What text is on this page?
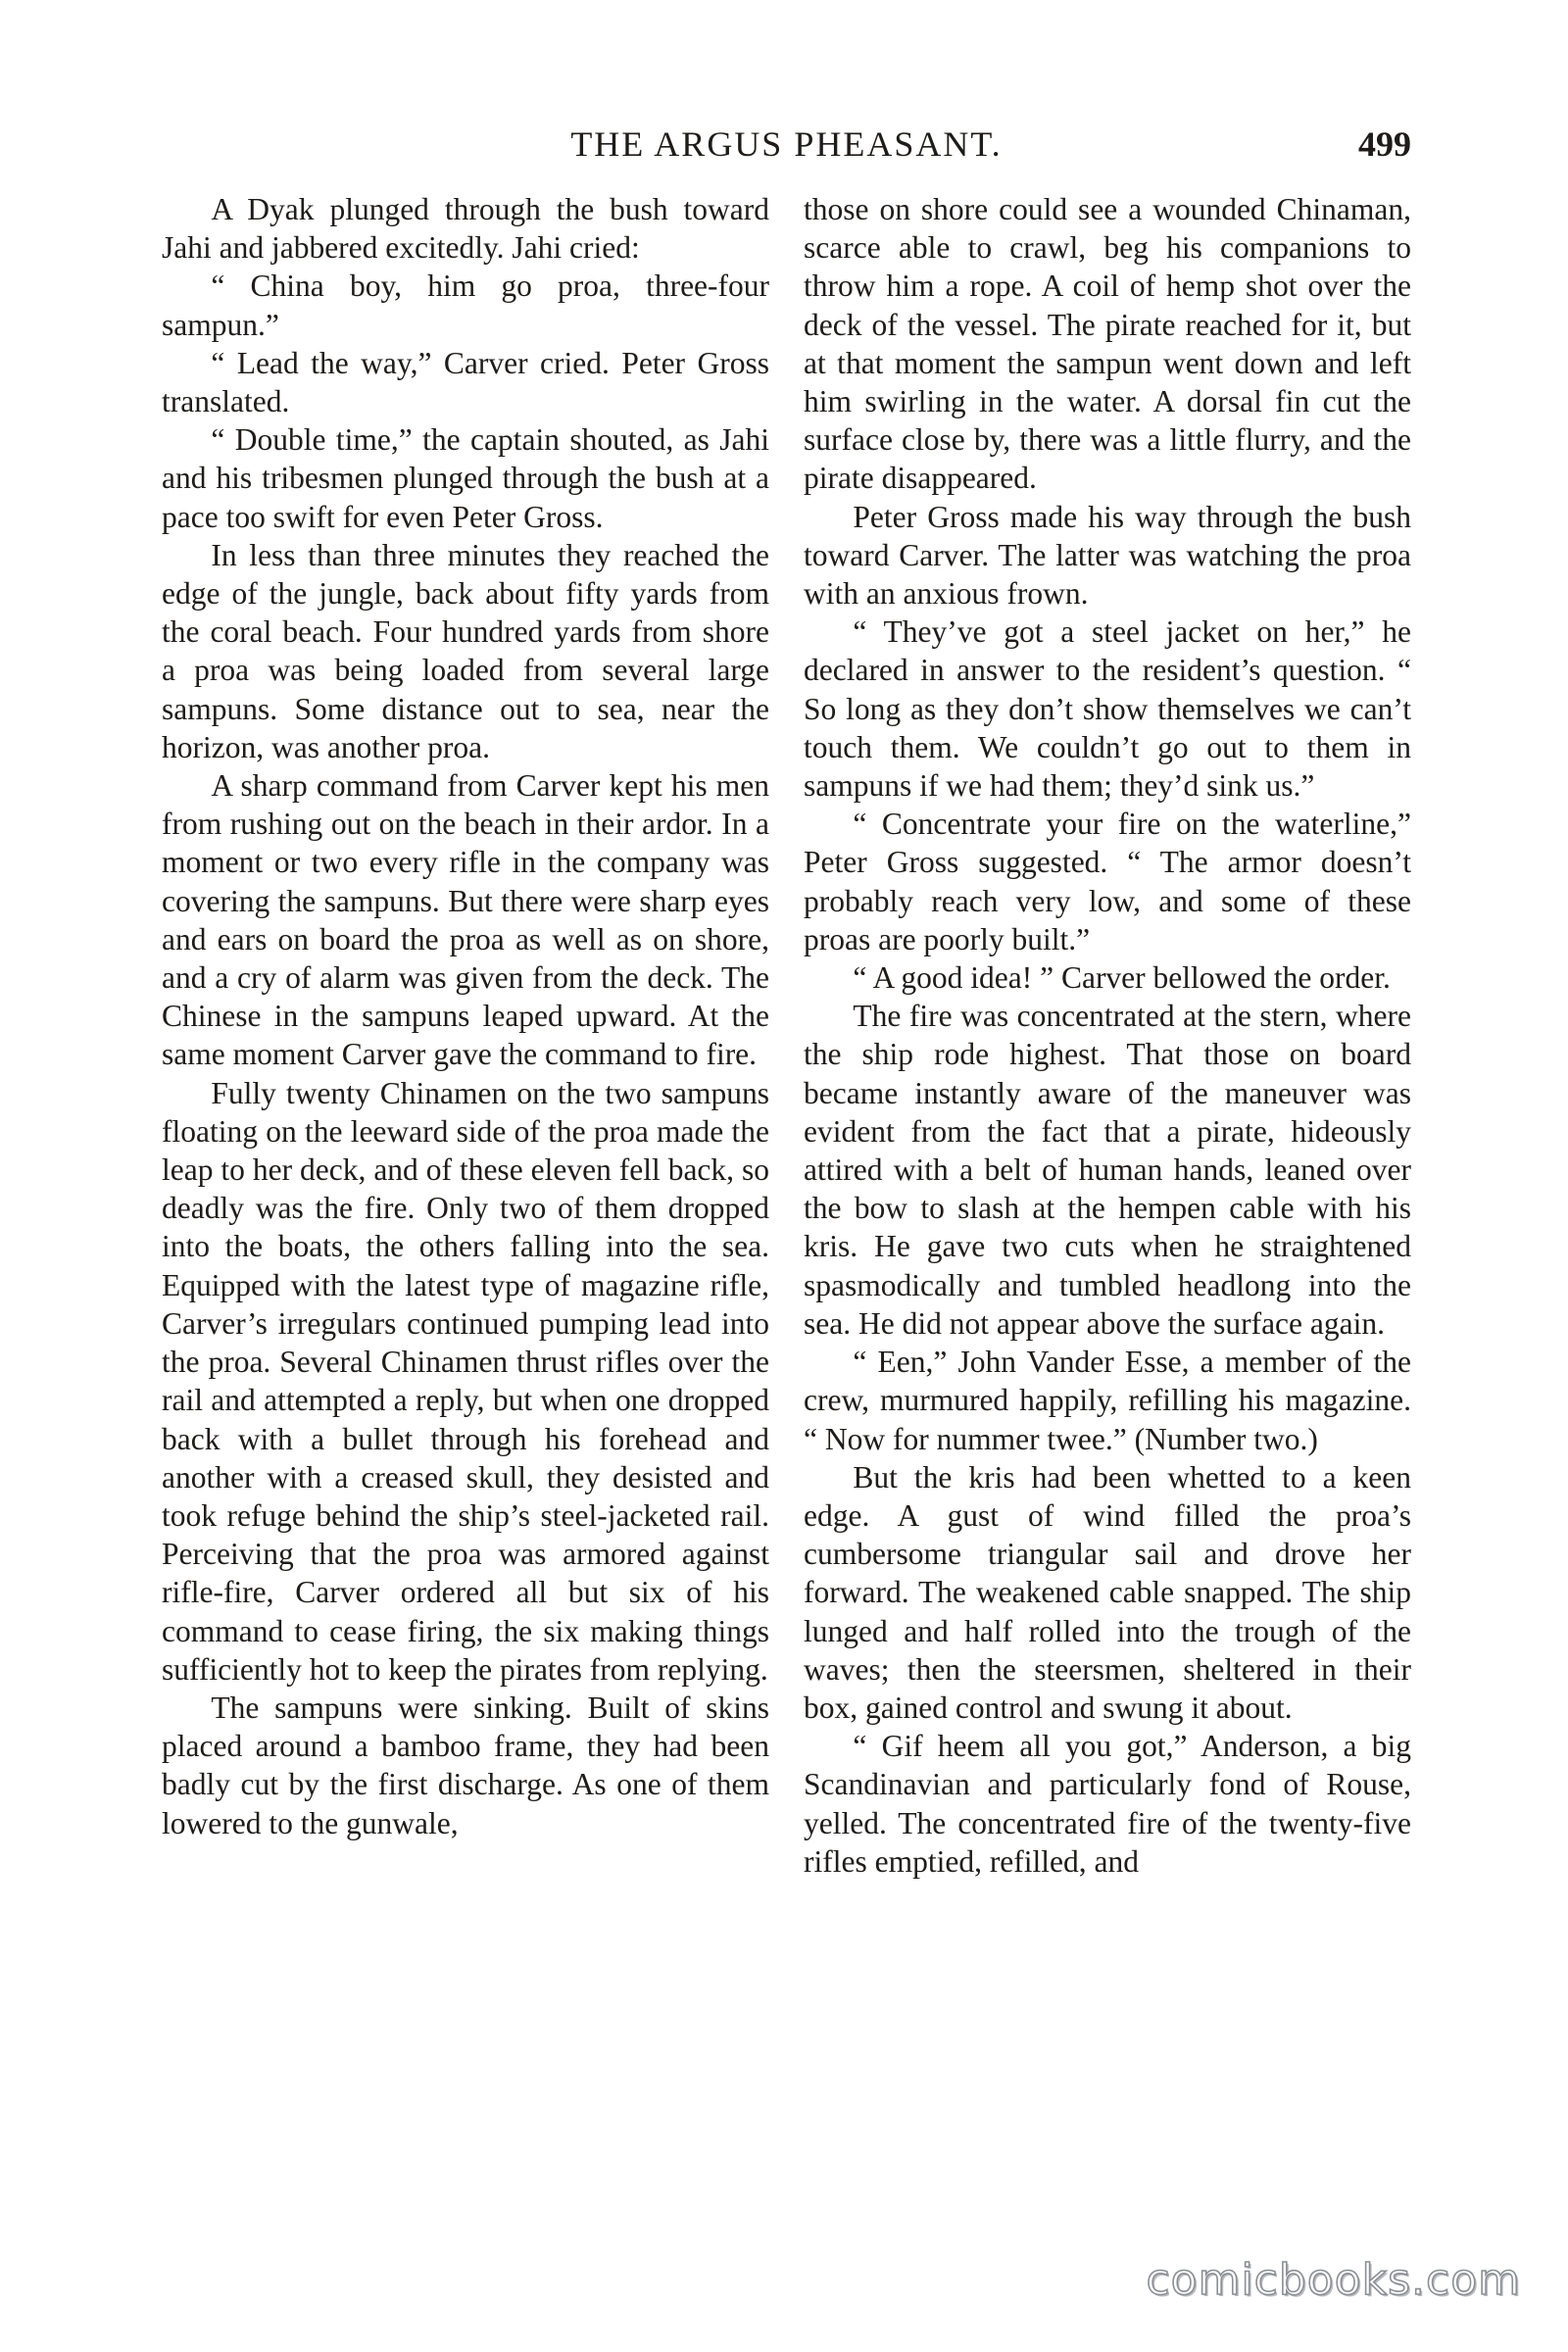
THE ARGUS PHEASANT.	499

A Dyak plunged through the bush toward Jahi and jabbered excitedly. Jahi cried:

“ China boy, him go proa, three-four sampun.”

“ Lead the way,” Carver cried. Peter Gross translated.

“ Double time,” the captain shouted, as Jahi and his tribesmen plunged through the bush at a pace too swift for even Peter Gross.

In less than three minutes they reached the edge of the jungle, back about fifty yards from the coral beach. Four hundred yards from shore a proa was being loaded from several large sampuns. Some distance out to sea, near the horizon, was another proa.

A sharp command from Carver kept his men from rushing out on the beach in their ardor. In a moment or two every rifle in the company was covering the sampuns. But there were sharp eyes and ears on board the proa as well as on shore, and a cry of alarm was given from the deck. The Chinese in the sampuns leaped upward. At the same moment Carver gave the command to fire.

Fully twenty Chinamen on the two sampuns floating on the leeward side of the proa made the leap to her deck, and of these eleven fell back, so deadly was the fire. Only two of them dropped into the boats, the others falling into the sea. Equipped with the latest type of magazine rifle, Carver’s irregulars continued pumping lead into the proa. Several Chinamen thrust rifles over the rail and attempted a reply, but when one dropped back with a bullet through his forehead and another with a creased skull, they desisted and took refuge behind the ship’s steel-jacketed rail. Perceiving that the proa was armored against rifle-fire, Carver ordered all but six of his command to cease firing, the six making things sufficiently hot to keep the pirates from replying.

The sampuns were sinking. Built of skins placed around a bamboo frame, they had been badly cut by the first discharge. As one of them lowered to the gunwale,

those on shore could see a wounded Chinaman, scarce able to crawl, beg his companions to throw him a rope. A coil of hemp shot over the deck of the vessel. The pirate reached for it, but at that moment the sampun went down and left him swirling in the water. A dorsal fin cut the surface close by, there was a little flurry, and the pirate disappeared.

Peter Gross made his way through the bush toward Carver. The latter was watching the proa with an anxious frown.

“ They’ve got a steel jacket on her,” he declared in answer to the resident’s question. “ So long as they don’t show themselves we can’t touch them. We couldn’t go out to them in sampuns if we had them; they’d sink us.”

“ Concentrate your fire on the waterline,” Peter Gross suggested. “ The armor doesn’t probably reach very low, and some of these proas are poorly built.”

“ A good idea! ” Carver bellowed the order.

The fire was concentrated at the stern, where the ship rode highest. That those on board became instantly aware of the maneuver was evident from the fact that a pirate, hideously attired with a belt of human hands, leaned over the bow to slash at the hempen cable with his kris. He gave two cuts when he straightened spasmodically and tumbled headlong into the sea. He did not appear above the surface again.

“ Een,” John Vander Esse, a member of the crew, murmured happily, refilling his magazine. “ Now for nummer twee.” (Number two.)

But the kris had been whetted to a keen edge. A gust of wind filled the proa’s cumbersome triangular sail and drove her forward. The weakened cable snapped. The ship lunged and half rolled into the trough of the waves; then the steersmen, sheltered in their box, gained control and swung it about.

“ Gif heem all you got,” Anderson, a big Scandinavian and particularly fond of Rouse, yelled. The concentrated fire of the twenty-five rifles emptied, refilled, and

comicbooks.com
